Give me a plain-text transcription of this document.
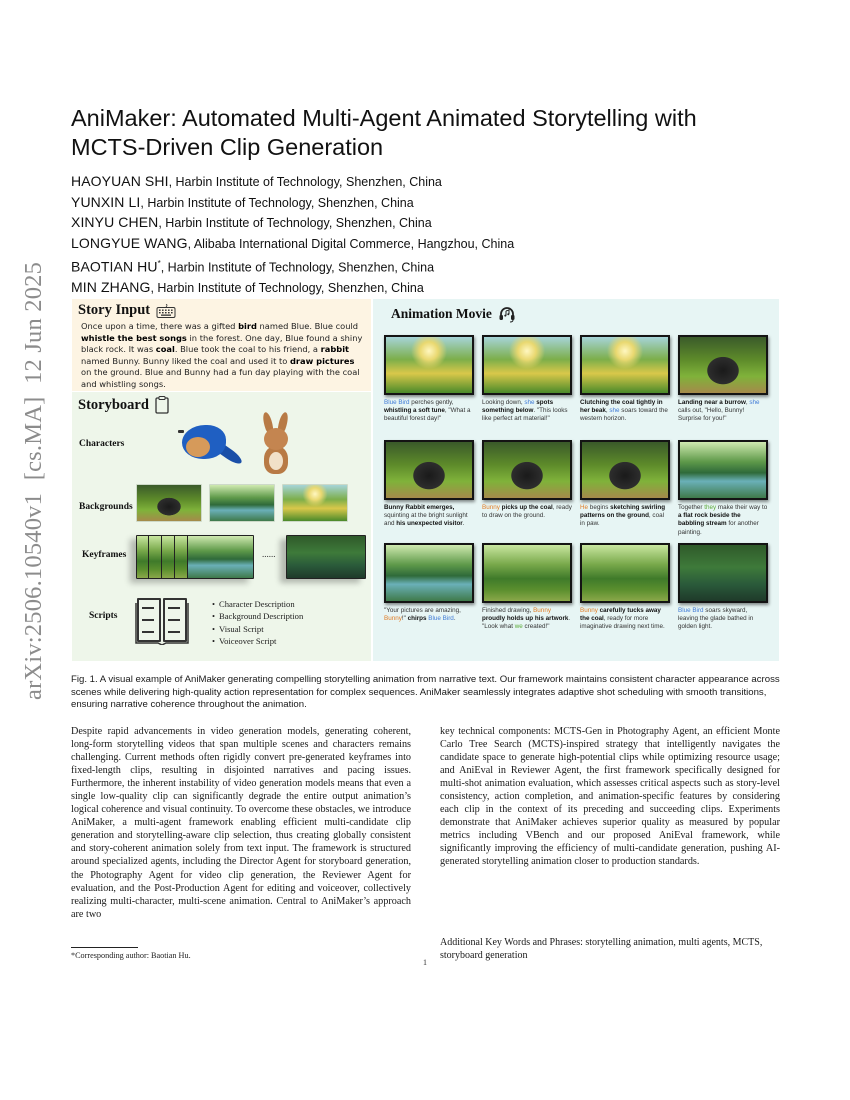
arXiv:2506.10540v1  [cs.MA]  12 Jun 2025
AniMaker: Automated Multi-Agent Animated Storytelling with
MCTS-Driven Clip Generation
HAOYUAN SHI, Harbin Institute of Technology, Shenzhen, China
YUNXIN LI, Harbin Institute of Technology, Shenzhen, China
XINYU CHEN, Harbin Institute of Technology, Shenzhen, China
LONGYUE WANG, Alibaba International Digital Commerce, Hangzhou, China
BAOTIAN HU*, Harbin Institute of Technology, Shenzhen, China
MIN ZHANG, Harbin Institute of Technology, Shenzhen, China
Story Input

Once upon a time, there was a gifted bird named Blue. Blue could whistle the best songs in the forest. One day, Blue found a shiny black rock. It was coal. Blue took the coal to his friend, a rabbit named Bunny. Bunny liked the coal and used it to draw pictures on the ground. Blue and Bunny had a fun day playing with the coal and whistling songs.

Storyboard
Characters
Backgrounds
Keyframes	......
Scripts
• Character Description
• Background Description
• Visual Script
• Voiceover Script
Animation Movie
Blue Bird perches gently, whistling a soft tune, "What a beautiful forest day!"
Looking down, she spots something below. "This looks like perfect art material!"
Clutching the coal tightly in her beak, she soars toward the western horizon.
Landing near a burrow, she calls out, "Hello, Bunny! Surprise for you!"
Bunny Rabbit emerges, squinting at the bright sunlight and his unexpected visitor.
Bunny picks up the coal, ready to draw on the ground.
He begins sketching swirling patterns on the ground, coal in paw.
Together they make their way to a flat rock beside the babbling stream for another painting.
"Your pictures are amazing, Bunny!" chirps Blue Bird.
Finished drawing, Bunny proudly holds up his artwork. "Look what we created!"
Bunny carefully tucks away the coal, ready for more imaginative drawing next time.
Blue Bird soars skyward, leaving the glade bathed in golden light.

Fig. 1. A visual example of AniMaker generating compelling storytelling animation from narrative text. Our framework maintains consistent character appearance across scenes while delivering high-quality action representation for complex sequences. AniMaker seamlessly integrates adaptive shot scheduling with smooth transitions, ensuring narrative coherence throughout the animation.

Despite rapid advancements in video generation models, generating coherent, long-form storytelling videos that span multiple scenes and characters remains challenging. Current methods often rigidly convert pre-generated keyframes into fixed-length clips, resulting in disjointed narratives and pacing issues. Furthermore, the inherent instability of video generation models means that even a single low-quality clip can significantly degrade the entire output animation’s logical coherence and visual continuity. To overcome these obstacles, we introduce AniMaker, a multi-agent framework enabling efficient multi-candidate clip generation and storytelling-aware clip selection, thus creating globally consistent and story-coherent animation solely from text input. The framework is structured around specialized agents, including the Director Agent for storyboard generation, the Photography Agent for video clip generation, the Reviewer Agent for evaluation, and the Post-Production Agent for editing and voiceover, collectively realizing multi-character, multi-scene animation. Central to AniMaker’s approach are two

key technical components: MCTS-Gen in Photography Agent, an efficient Monte Carlo Tree Search (MCTS)-inspired strategy that intelligently navigates the candidate space to generate high-potential clips while optimizing resource usage; and AniEval in Reviewer Agent, the first framework specifically designed for multi-shot animation evaluation, which assesses critical aspects such as story-level consistency, action completion, and animation-specific features by considering each clip in the context of its preceding and succeeding clips. Experiments demonstrate that AniMaker achieves superior quality as measured by popular metrics including VBench and our proposed AniEval framework, while significantly improving the efficiency of multi-candidate generation, pushing AI-generated storytelling animation closer to production standards.

Additional Key Words and Phrases: storytelling animation, multi agents, MCTS, storyboard generation

*Corresponding author: Baotian Hu.

1
